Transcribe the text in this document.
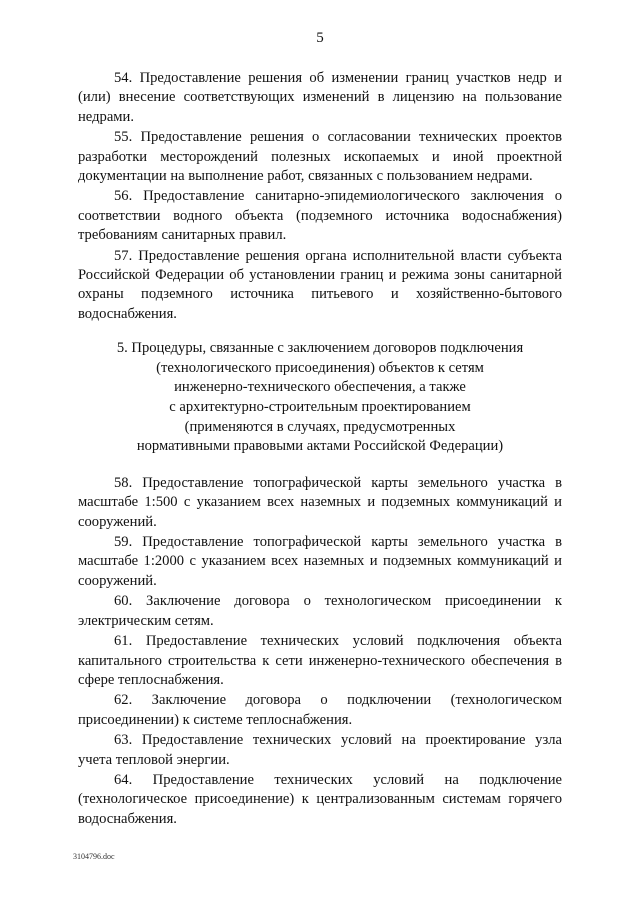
5

54. Предоставление решения об изменении границ участков недр и (или) внесение соответствующих изменений в лицензию на пользование недрами.

55. Предоставление решения о согласовании технических проектов разработки месторождений полезных ископаемых и иной проектной документации на выполнение работ, связанных с пользованием недрами.

56. Предоставление санитарно-эпидемиологического заключения о соответствии водного объекта (подземного источника водоснабжения) требованиям санитарных правил.

57. Предоставление решения органа исполнительной власти субъекта Российской Федерации об установлении границ и режима зоны санитарной охраны подземного источника питьевого и хозяйственно-бытового водоснабжения.

5. Процедуры, связанные с заключением договоров подключения
(технологического присоединения) объектов к сетям
инженерно-технического обеспечения, а также
с архитектурно-строительным проектированием
(применяются в случаях, предусмотренных
нормативными правовыми актами Российской Федерации)

58. Предоставление топографической карты земельного участка в масштабе 1:500 с указанием всех наземных и подземных коммуникаций и сооружений.

59. Предоставление топографической карты земельного участка в масштабе 1:2000 с указанием всех наземных и подземных коммуникаций и сооружений.

60. Заключение договора о технологическом присоединении к электрическим сетям.

61. Предоставление технических условий подключения объекта капитального строительства к сети инженерно-технического обеспечения в сфере теплоснабжения.

62. Заключение договора о подключении (технологическом присоединении) к системе теплоснабжения.

63. Предоставление технических условий на проектирование узла учета тепловой энергии.

64. Предоставление технических условий на подключение (технологическое присоединение) к централизованным системам горячего водоснабжения.

3104796.doc
